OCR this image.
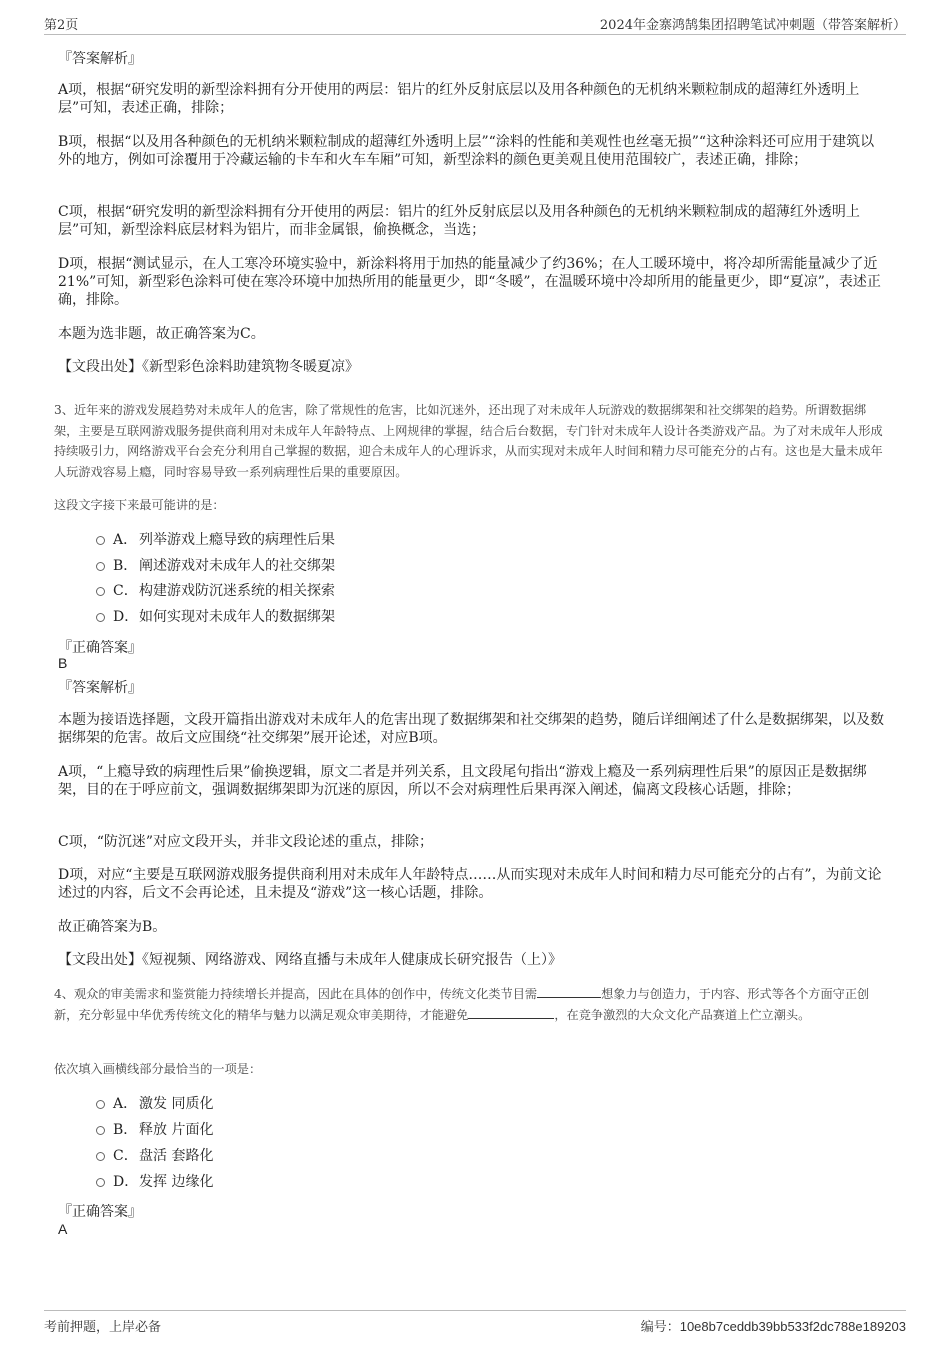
第2页	2024年金寨鸿鹄集团招聘笔试冲刺题（带答案解析）
『答案解析』

A项，根据“研究发明的新型涂料拥有分开使用的两层：铝片的红外反射底层以及用各种颜色的无机纳米颗粒制成的超薄红外透明上层”可知，表述正确，排除；

B项，根据“以及用各种颜色的无机纳米颗粒制成的超薄红外透明上层”“涂料的性能和美观性也丝毫无损”“这种涂料还可应用于建筑以外的地方，例如可涂覆用于冷藏运输的卡车和火车车厢”可知，新型涂料的颜色更美观且使用范围较广，表述正确，排除；

C项，根据“研究发明的新型涂料拥有分开使用的两层：铝片的红外反射底层以及用各种颜色的无机纳米颗粒制成的超薄红外透明上层”可知，新型涂料底层材料为铝片，而非金属银，偷换概念，当选；

D项，根据“测试显示，在人工寒冷环境实验中，新涂料将用于加热的能量减少了约36%；在人工暖环境中，将冷却所需能量减少了近21%”可知，新型彩色涂料可使在寒冷环境中加热所用的能量更少，即“冬暖”，在温暖环境中冷却所用的能量更少，即“夏凉”，表述正确，排除。

本题为选非题，故正确答案为C。

【文段出处】《新型彩色涂料助建筑物冬暖夏凉》

3、近年来的游戏发展趋势对未成年人的危害，除了常规性的危害，比如沉迷外，还出现了对未成年人玩游戏的数据绑架和社交绑架的趋势。所谓数据绑架，主要是互联网游戏服务提供商利用对未成年人年龄特点、上网规律的掌握，结合后台数据，专门针对未成年人设计各类游戏产品。为了对未成年人形成持续吸引力，网络游戏平台会充分利用自己掌握的数据，迎合未成年人的心理诉求，从而实现对未成年人时间和精力尽可能充分的占有。这也是大量未成年人玩游戏容易上瘾，同时容易导致一系列病理性后果的重要原因。

这段文字接下来最可能讲的是：
A． 列举游戏上瘾导致的病理性后果
B． 阐述游戏对未成年人的社交绑架
C．构建游戏防沉迷系统的相关探索
D．如何实现对未成年人的数据绑架
『正确答案』
B
『答案解析』

本题为接语选择题，文段开篇指出游戏对未成年人的危害出现了数据绑架和社交绑架的趋势，随后详细阐述了什么是数据绑架，以及数据绑架的危害。故后文应围绕“社交绑架”展开论述，对应B项。

A项，“上瘾导致的病理性后果”偷换逻辑，原文二者是并列关系，且文段尾句指出“游戏上瘾及一系列病理性后果”的原因正是数据绑架，目的在于呼应前文，强调数据绑架即为沉迷的原因，所以不会对病理性后果再深入阐述，偏离文段核心话题，排除；

C项，“防沉迷”对应文段开头，并非文段论述的重点，排除；

D项，对应“主要是互联网游戏服务提供商利用对未成年人年龄特点……从而实现对未成年人时间和精力尽可能充分的占有”，为前文论述过的内容，后文不会再论述，且未提及“游戏”这一核心话题，排除。

故正确答案为B。

【文段出处】《短视频、网络游戏、网络直播与未成年人健康成长研究报告（上）》

4、观众的审美需求和鉴赏能力持续增长并提高，因此在具体的创作中，传统文化类节目需	想象力与创造力，于内容、形式等各个方面守正创新，充分彰显中华优秀传统文化的精华与魅力以满足观众审美期待，才能避免	，在竞争激烈的大众文化产品赛道上伫立潮头。

依次填入画横线部分最恰当的一项是：
A． 激发 同质化
B． 释放 片面化
C．盘活 套路化
D．发挥 边缘化
『正确答案』
A
考前押题，上岸必备	编号：10e8b7ceddb39bb533f2dc788e189203
